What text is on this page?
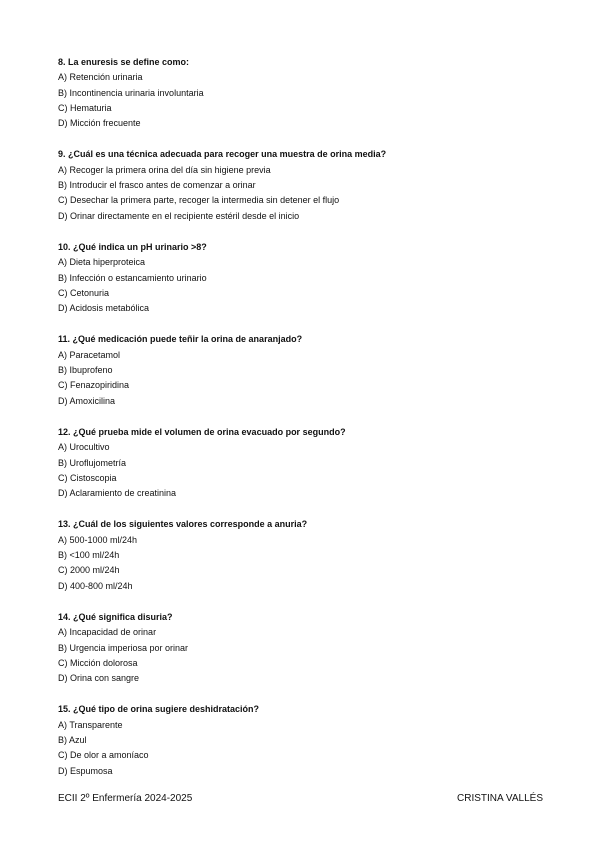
8. La enuresis se define como:

A) Retención urinaria
B) Incontinencia urinaria involuntaria
C) Hematuria
D) Micción frecuente

9. ¿Cuál es una técnica adecuada para recoger una muestra de orina media?

A) Recoger la primera orina del día sin higiene previa
B) Introducir el frasco antes de comenzar a orinar
C) Desechar la primera parte, recoger la intermedia sin detener el flujo
D) Orinar directamente en el recipiente estéril desde el inicio

10. ¿Qué indica un pH urinario >8?

A) Dieta hiperproteica
B) Infección o estancamiento urinario
C) Cetonuria
D) Acidosis metabólica

11. ¿Qué medicación puede teñir la orina de anaranjado?

A) Paracetamol
B) Ibuprofeno
C) Fenazopiridina
D) Amoxicilina

12. ¿Qué prueba mide el volumen de orina evacuado por segundo?

A) Urocultivo
B) Uroflujometría
C) Cistoscopia
D) Aclaramiento de creatinina

13. ¿Cuál de los siguientes valores corresponde a anuria?

A) 500-1000 ml/24h
B) <100 ml/24h
C) 2000 ml/24h
D) 400-800 ml/24h

14. ¿Qué significa disuria?

A) Incapacidad de orinar
B) Urgencia imperiosa por orinar
C) Micción dolorosa
D) Orina con sangre

15. ¿Qué tipo de orina sugiere deshidratación?

A) Transparente
B) Azul
C) De olor a amoníaco
D) Espumosa
ECII 2º Enfermería 2024-2025	CRISTINA VALLÉS
